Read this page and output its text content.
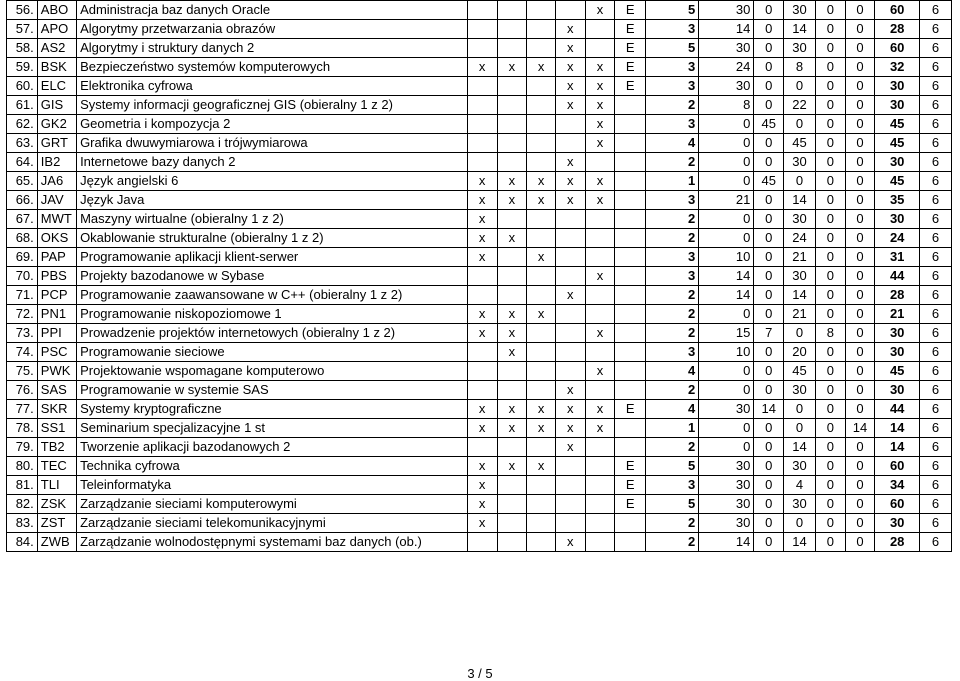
56.	ABO	Administracja baz danych Oracle					x	E	5	30	0	30	0	0	60	6
57.	APO	Algorytmy przetwarzania obrazów				x		E	3	14	0	14	0	0	28	6
58.	AS2	Algorytmy i struktury danych 2				x		E	5	30	0	30	0	0	60	6
59.	BSK	Bezpieczeństwo systemów komputerowych	x	x	x	x	x	E	3	24	0	8	0	0	32	6
60.	ELC	Elektronika cyfrowa				x	x	E	3	30	0	0	0	0	30	6
61.	GIS	Systemy informacji geograficznej GIS (obieralny 1 z 2)				x	x		2	8	0	22	0	0	30	6
62.	GK2	Geometria i kompozycja 2					x		3	0	45	0	0	0	45	6
63.	GRT	Grafika dwuwymiarowa i trójwymiarowa					x		4	0	0	45	0	0	45	6
64.	IB2	Internetowe bazy danych 2				x			2	0	0	30	0	0	30	6
65.	JA6	Język angielski 6	x	x	x	x	x		1	0	45	0	0	0	45	6
66.	JAV	Język Java	x	x	x	x	x		3	21	0	14	0	0	35	6
67.	MWT	Maszyny wirtualne (obieralny 1 z 2)	x						2	0	0	30	0	0	30	6
68.	OKS	Okablowanie strukturalne (obieralny 1 z 2)	x	x					2	0	0	24	0	0	24	6
69.	PAP	Programowanie aplikacji klient-serwer	x		x				3	10	0	21	0	0	31	6
70.	PBS	Projekty bazodanowe w Sybase					x		3	14	0	30	0	0	44	6
71.	PCP	Programowanie zaawansowane w C++ (obieralny 1 z 2)				x			2	14	0	14	0	0	28	6
72.	PN1	Programowanie niskopoziomowe 1	x	x	x				2	0	0	21	0	0	21	6
73.	PPI	Prowadzenie projektów internetowych (obieralny 1 z 2)	x	x			x		2	15	7	0	8	0	30	6
74.	PSC	Programowanie sieciowe		x					3	10	0	20	0	0	30	6
75.	PWK	Projektowanie wspomagane komputerowo					x		4	0	0	45	0	0	45	6
76.	SAS	Programowanie w systemie SAS				x			2	0	0	30	0	0	30	6
77.	SKR	Systemy kryptograficzne	x	x	x	x	x	E	4	30	14	0	0	0	44	6
78.	SS1	Seminarium specjalizacyjne 1 st	x	x	x	x	x		1	0	0	0	0	14	14	6
79.	TB2	Tworzenie aplikacji bazodanowych 2				x			2	0	0	14	0	0	14	6
80.	TEC	Technika cyfrowa	x	x	x			E	5	30	0	30	0	0	60	6
81.	TLI	Teleinformatyka	x					E	3	30	0	4	0	0	34	6
82.	ZSK	Zarządzanie sieciami komputerowymi	x					E	5	30	0	30	0	0	60	6
83.	ZST	Zarządzanie sieciami telekomunikacyjnymi	x						2	30	0	0	0	0	30	6
84.	ZWB	Zarządzanie wolnodostępnymi systemami baz danych (ob.)				x			2	14	0	14	0	0	28	6
3 / 5
